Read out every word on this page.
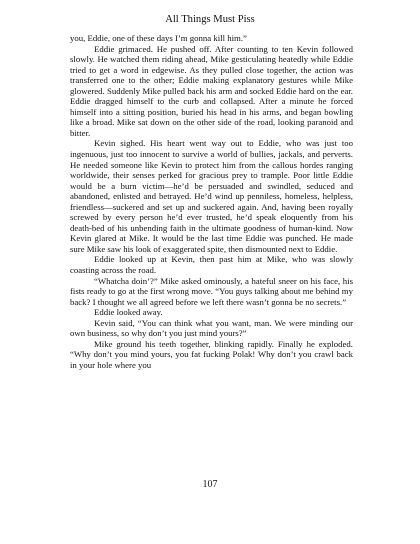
All Things Must Piss

you, Eddie, one of these days I’m gonna kill him.”

Eddie grimaced. He pushed off. After counting to ten Kevin followed slowly. He watched them riding ahead, Mike gesticulating heatedly while Eddie tried to get a word in edgewise. As they pulled close together, the action was transferred one to the other; Eddie making explanatory gestures while Mike glowered. Suddenly Mike pulled back his arm and socked Eddie hard on the ear. Eddie dragged himself to the curb and collapsed. After a minute he forced himself into a sitting position, buried his head in his arms, and began bowling like a broad. Mike sat down on the other side of the road, looking paranoid and bitter.

Kevin sighed. His heart went way out to Eddie, who was just too ingenuous, just too innocent to survive a world of bullies, jackals, and perverts. He needed someone like Kevin to protect him from the callous hordes ranging worldwide, their senses perked for gracious prey to trample. Poor little Eddie would be a burn victim—he’d be persuaded and swindled, seduced and abandoned, enlisted and betrayed. He’d wind up penniless, homeless, helpless, friendless—suckered and set up and suckered again. And, having been royally screwed by every person he’d ever trusted, he’d speak eloquently from his death-bed of his unbending faith in the ultimate goodness of human-kind. Now Kevin glared at Mike. It would be the last time Eddie was punched. He made sure Mike saw his look of exaggerated spite, then dismounted next to Eddie.

Eddie looked up at Kevin, then past him at Mike, who was slowly coasting across the road.

“Whatcha doin’?” Mike asked ominously, a hateful sneer on his face, his fists ready to go at the first wrong move. “You guys talking about me behind my back? I thought we all agreed before we left there wasn’t gonna be no secrets.”

Eddie looked away.

Kevin said, “You can think what you want, man. We were minding our own business, so why don’t you just mind yours?”

Mike ground his teeth together, blinking rapidly. Finally he exploded. “Why don’t you mind yours, you fat fucking Polak! Why don’t you crawl back in your hole where you

107
